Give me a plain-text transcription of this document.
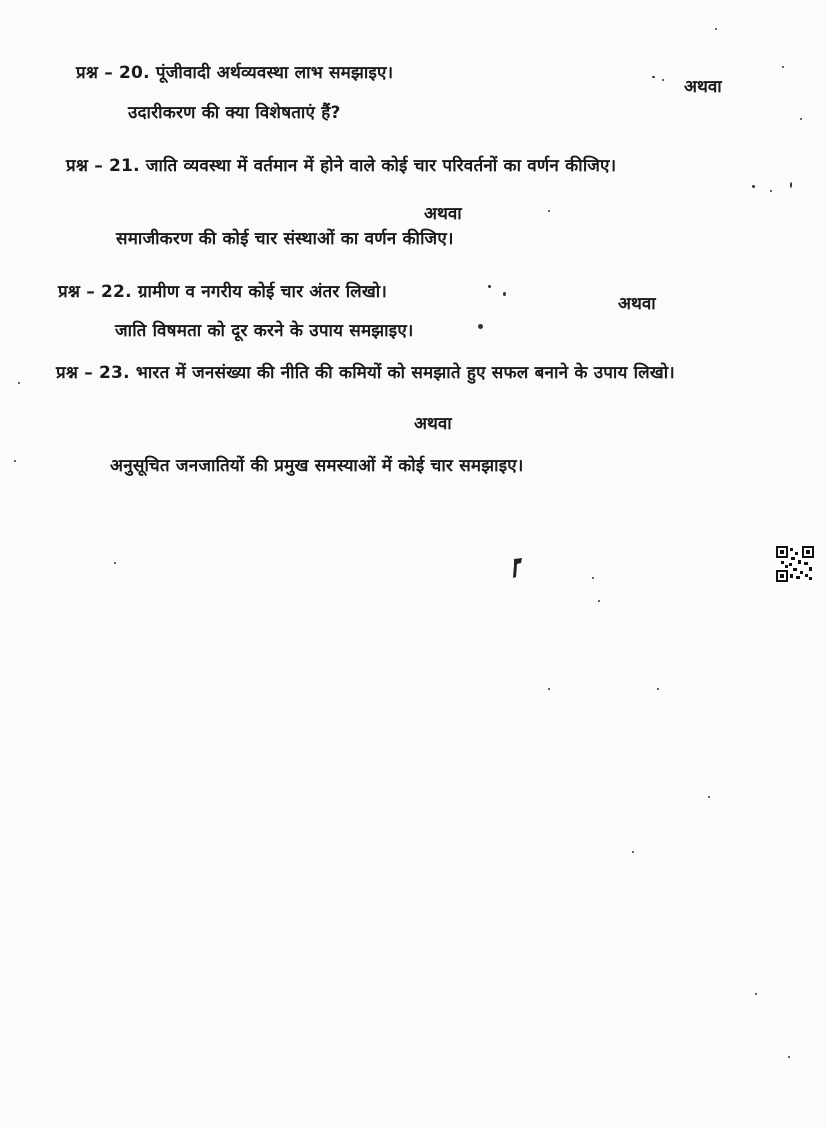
प्रश्न – 20. पूंजीवादी अर्थव्यवस्था लाभ समझाइए।
अथवा
उदारीकरण की क्या विशेषताएं हैं?
प्रश्न – 21. जाति व्यवस्था में वर्तमान में होने वाले कोई चार परिवर्तनों का वर्णन कीजिए।
अथवा
समाजीकरण की कोई चार संस्थाओं का वर्णन कीजिए।
प्रश्न – 22. ग्रामीण व नगरीय कोई चार अंतर लिखो।
अथवा
जाति विषमता को दूर करने के उपाय समझाइए।
प्रश्न – 23. भारत में जनसंख्या की नीति की कमियों को समझाते हुए सफल बनाने के उपाय लिखो।
अथवा
अनुसूचित जनजातियों की प्रमुख समस्याओं में कोई चार समझाइए।
